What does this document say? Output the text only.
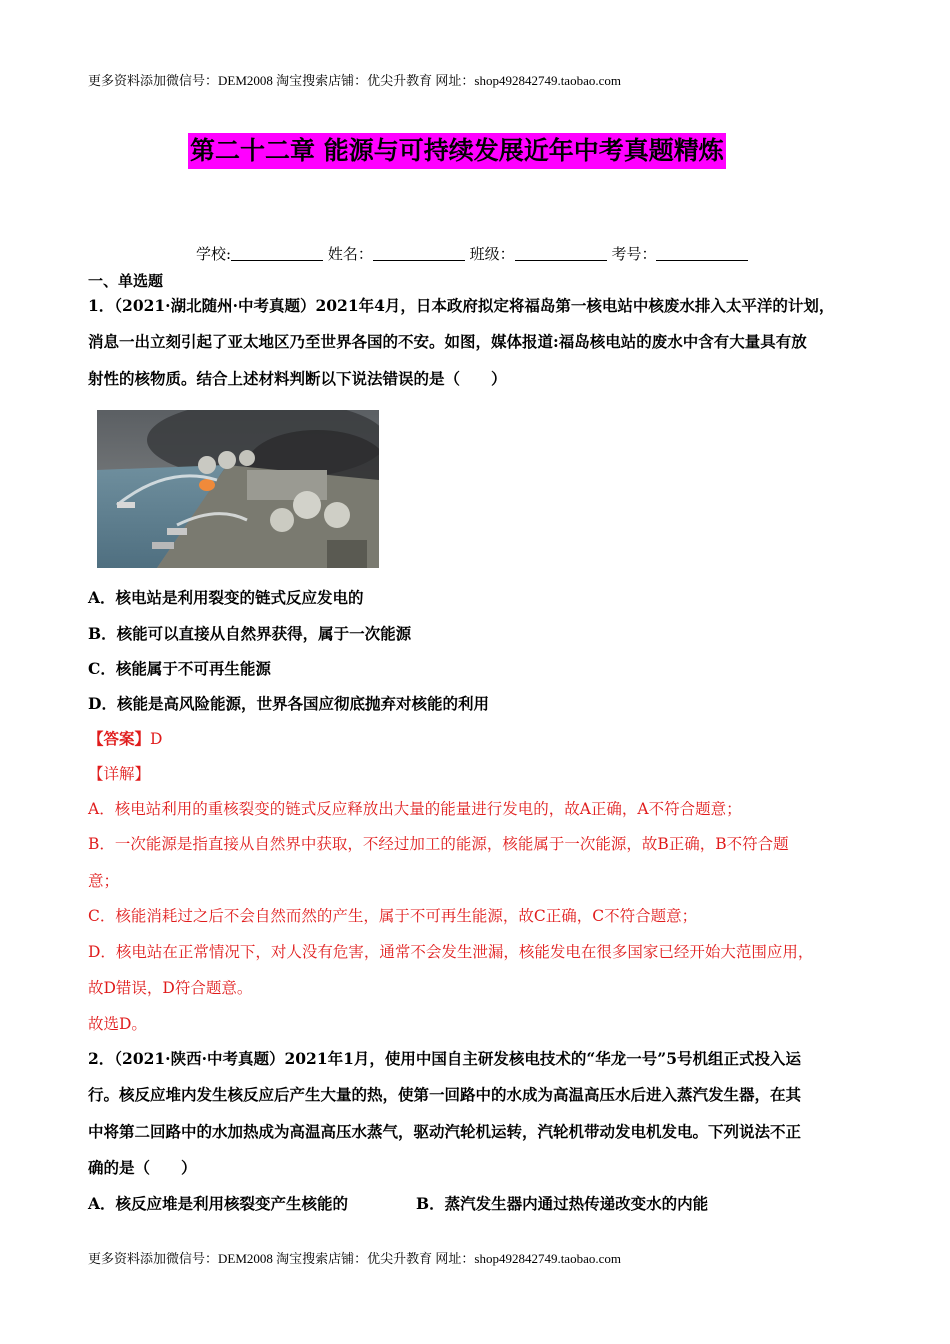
更多资料添加微信号：DEM2008 淘宝搜索店铺：优尖升教育 网址：shop492842749.taobao.com
第二十二章 能源与可持续发展近年中考真题精炼
学校:	姓名：	班级：	考号：
一、单选题
1．（2021·湖北随州·中考真题）2021年4月，日本政府拟定将福岛第一核电站中核废水排入太平洋的计划，
消息一出立刻引起了亚太地区乃至世界各国的不安。如图，媒体报道:福岛核电站的废水中含有大量具有放
射性的核物质。结合上述材料判断以下说法错误的是（　　）
A．核电站是利用裂变的链式反应发电的
B．核能可以直接从自然界获得，属于一次能源
C．核能属于不可再生能源
D．核能是高风险能源，世界各国应彻底抛弃对核能的利用
【答案】D
【详解】
A．核电站利用的重核裂变的链式反应释放出大量的能量进行发电的，故A正确，A不符合题意；
B．一次能源是指直接从自然界中获取，不经过加工的能源，核能属于一次能源，故B正确，B不符合题
意；
C．核能消耗过之后不会自然而然的产生，属于不可再生能源，故C正确，C不符合题意；
D．核电站在正常情况下，对人没有危害，通常不会发生泄漏，核能发电在很多国家已经开始大范围应用，
故D错误，D符合题意。
故选D。
2．（2021·陕西·中考真题）2021年1月，使用中国自主研发核电技术的“华龙一号”5号机组正式投入运
行。核反应堆内发生核反应后产生大量的热，使第一回路中的水成为高温高压水后进入蒸汽发生器，在其
中将第二回路中的水加热成为高温高压水蒸气，驱动汽轮机运转，汽轮机带动发电机发电。下列说法不正
确的是（　　）
A．核反应堆是利用核裂变产生核能的	B．蒸汽发生器内通过热传递改变水的内能
更多资料添加微信号：DEM2008 淘宝搜索店铺：优尖升教育 网址：shop492842749.taobao.com
